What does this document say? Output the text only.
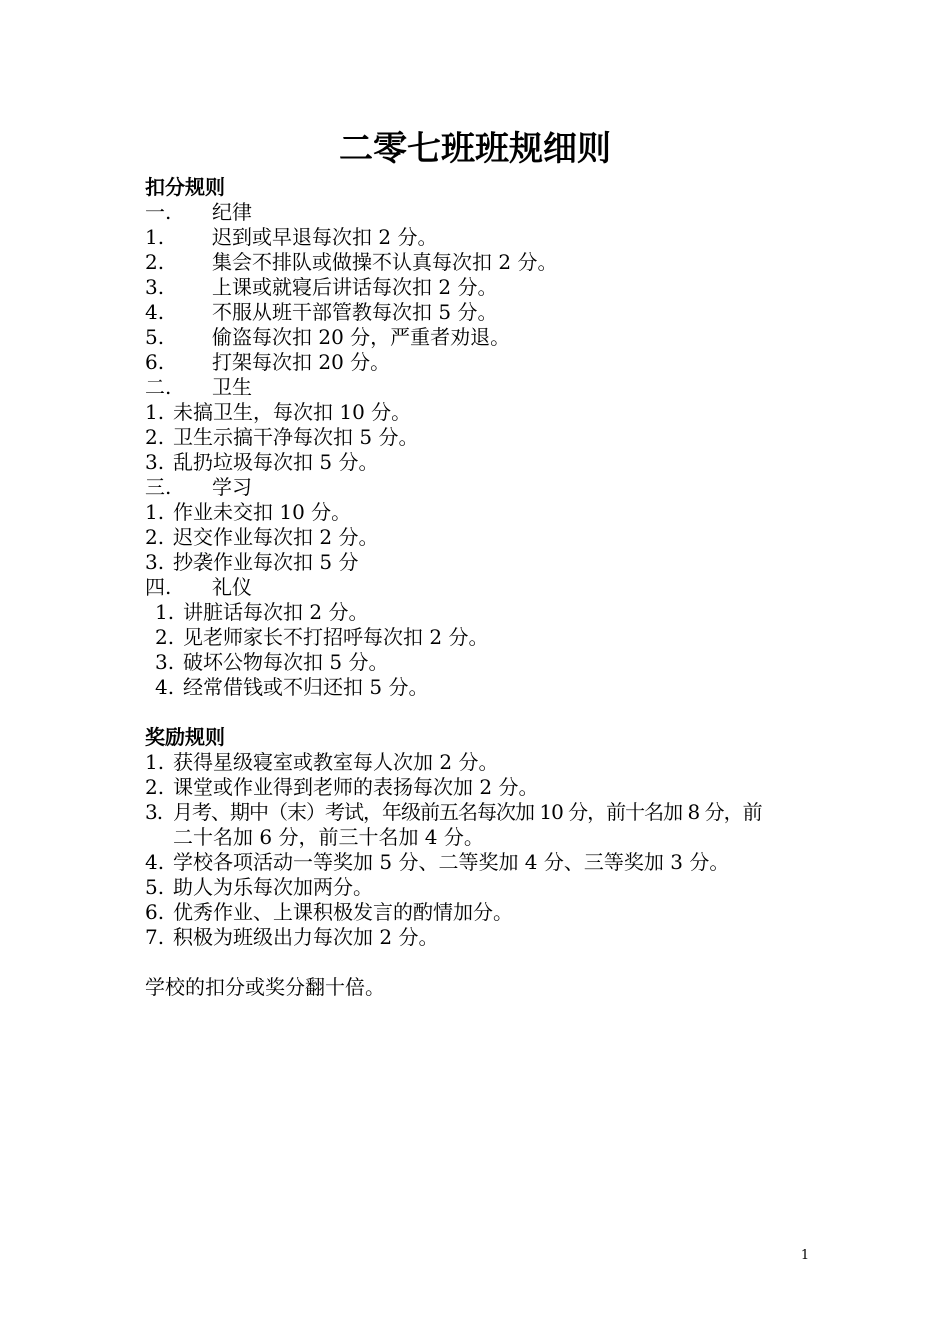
二零七班班规细则
扣分规则
一. 纪律
1. 迟到或早退每次扣 2 分。
2. 集会不排队或做操不认真每次扣 2 分。
3. 上课或就寝后讲话每次扣 2 分。
4. 不服从班干部管教每次扣 5 分。
5. 偷盗每次扣 20 分，严重者劝退。
6. 打架每次扣 20 分。
二. 卫生
1. 未搞卫生，每次扣 10 分。
2. 卫生示搞干净每次扣 5 分。
3. 乱扔垃圾每次扣 5 分。
三. 学习
1. 作业未交扣 10 分。
2. 迟交作业每次扣 2 分。
3. 抄袭作业每次扣 5 分
四. 礼仪
1. 讲脏话每次扣 2 分。
2. 见老师家长不打招呼每次扣 2 分。
3. 破坏公物每次扣 5 分。
4. 经常借钱或不归还扣 5 分。
奖励规则
1. 获得星级寝室或教室每人次加 2 分。
2. 课堂或作业得到老师的表扬每次加 2 分。
3. 月考、期中（末）考试，年级前五名每次加 10 分，前十名加 8 分，前
二十名加 6 分，前三十名加 4 分。
4. 学校各项活动一等奖加 5 分、二等奖加 4 分、三等奖加 3 分。
5. 助人为乐每次加两分。
6. 优秀作业、上课积极发言的酌情加分。
7. 积极为班级出力每次加 2 分。
学校的扣分或奖分翻十倍。
1
